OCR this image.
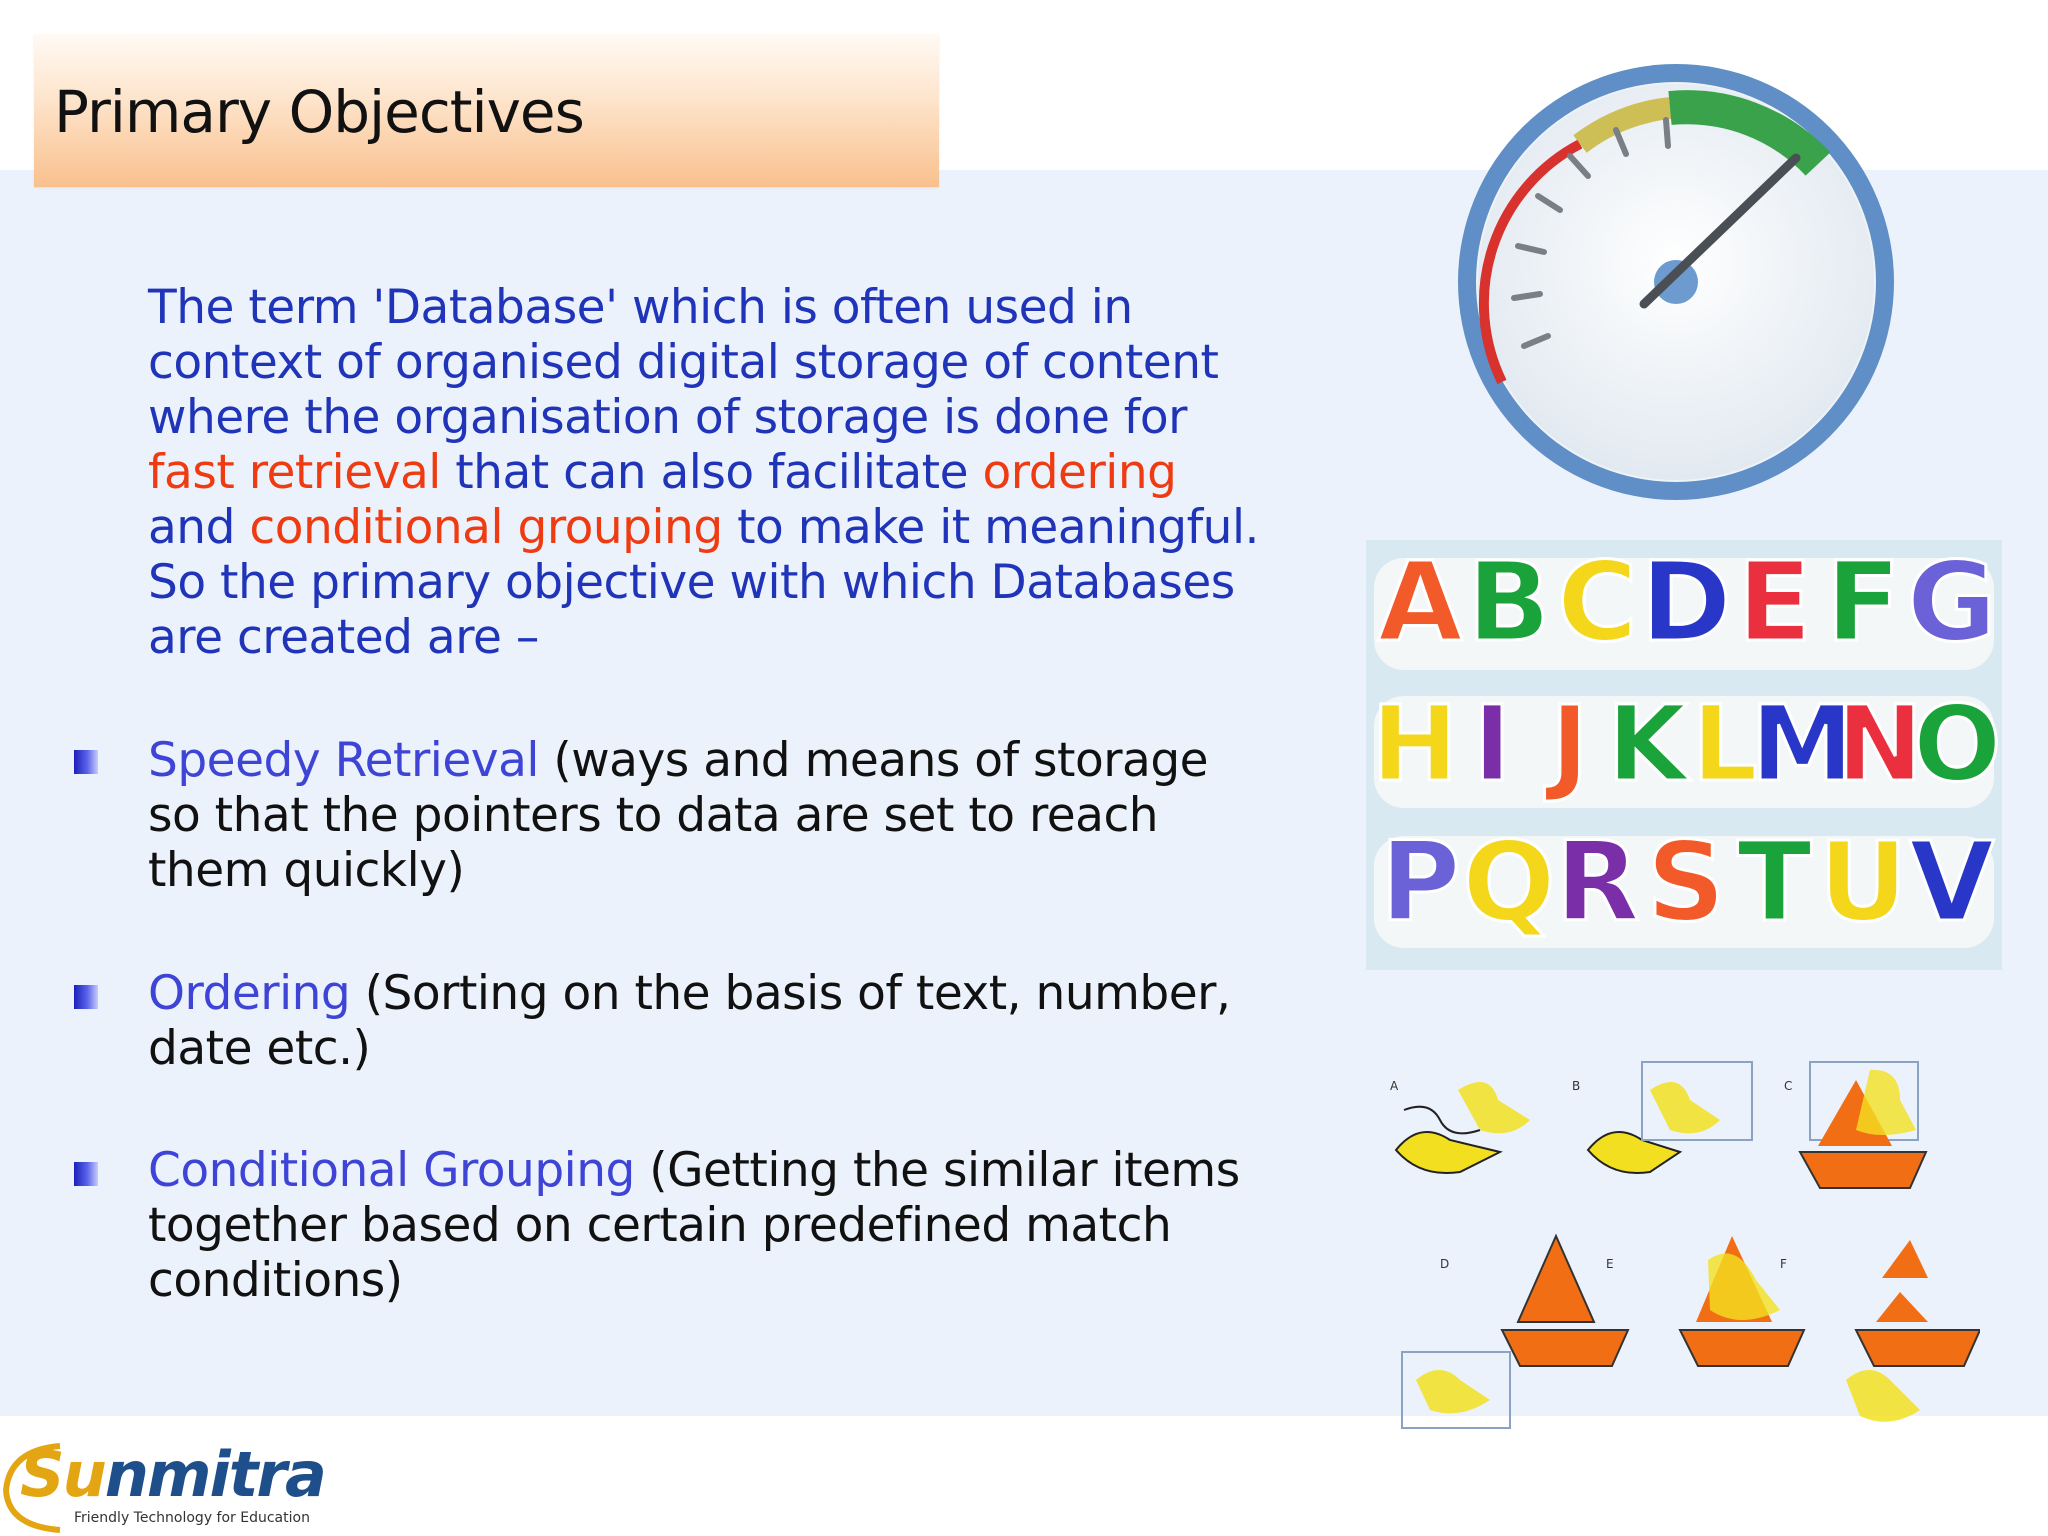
Primary Objectives
The term 'Database' which is often used in context of organised digital storage of content where the organisation of storage is done for fast retrieval that can also facilitate ordering and conditional grouping to make it meaningful. So the primary objective with which Databases are created are –
Speedy Retrieval (ways and means of storage so that the pointers to data are set to reach them quickly)
Ordering (Sorting on the basis of text, number, date etc.)
Conditional Grouping (Getting the similar items together based on certain predefined match conditions)
A B C D E F G
H I J K L
M
N
O
P Q R S T U V
A	B	C
D	E	F
Sunmitra
Friendly Technology for Education
